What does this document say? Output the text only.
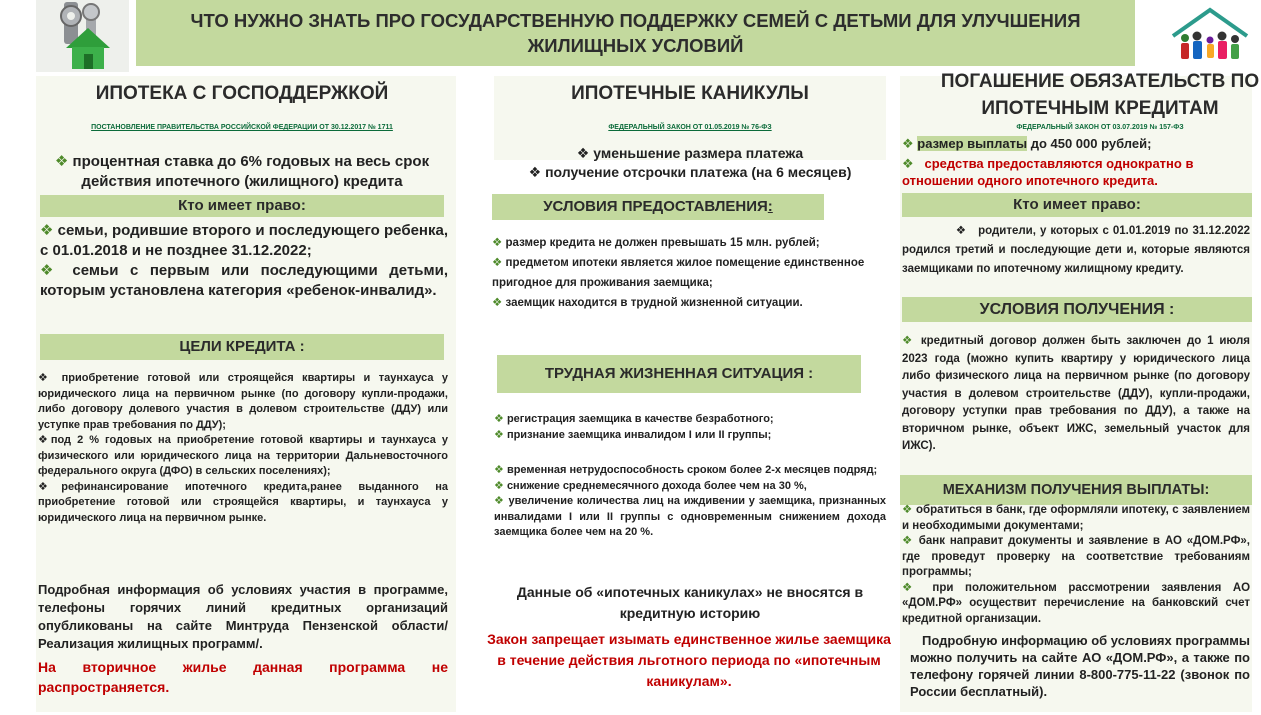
ЧТО НУЖНО ЗНАТЬ ПРО ГОСУДАРСТВЕННУЮ ПОДДЕРЖКУ СЕМЕЙ С ДЕТЬМИ ДЛЯ УЛУЧШЕНИЯ ЖИЛИЩНЫХ УСЛОВИЙ
ИПОТЕКА С ГОСПОДДЕРЖКОЙ
ПОСТАНОВЛЕНИЕ ПРАВИТЕЛЬСТВА РОССИЙСКОЙ ФЕДЕРАЦИИ ОТ 30.12.2017 № 1711
❖ процентная ставка до 6% годовых на весь срок действия ипотечного (жилищного) кредита
Кто имеет право:

❖ семьи, родившие второго и последующего ребенка, с 01.01.2018 и не позднее 31.12.2022;

❖ семьи с первым или последующими детьми, которым установлена категория «ребенок-инвалид».

ЦЕЛИ КРЕДИТА :

❖ приобретение готовой или строящейся квартиры и таунхауса у юридического лица на первичном рынке (по договору купли-продажи, либо договору долевого участия в долевом строительстве (ДДУ) или уступке прав требования по ДДУ);

❖под 2 % годовых на приобретение готовой квартиры и таунхауса у физического или юридического лица на территории Дальневосточного федерального округа (ДФО) в сельских поселениях);

❖рефинансирование ипотечного кредита,ранее выданного на приобретение готовой или строящейся квартиры, и таунхауса у юридического лица на первичном рынке.

Подробная информация об условиях участия в программе, телефоны горячих линий кредитных организаций опубликованы на сайте Минтруда Пензенской области/Реализация жилищных программ/.
На вторичное жилье данная программа не распространяется.
ИПОТЕЧНЫЕ КАНИКУЛЫ
ФЕДЕРАЛЬНЫЙ ЗАКОН ОТ 01.05.2019 № 76-ФЗ

❖ уменьшение размера платежа

❖ получение отсрочки платежа (на 6 месяцев)

УСЛОВИЯ ПРЕДОСТАВЛЕНИЯ:

❖ размер кредита не должен превышать 15 млн. рублей;

❖ предметом ипотеки является жилое помещение единственное пригодное для проживания заемщика;

❖ заемщик находится в трудной жизненной ситуации.

ТРУДНАЯ ЖИЗНЕННАЯ СИТУАЦИЯ :

❖ регистрация заемщика в качестве безработного;

❖ признание заемщика инвалидом I или II группы;

❖ временная нетрудоспособность сроком более 2-х месяцев подряд;

❖ снижение среднемесячного дохода более чем на 30 %,

❖ увеличение количества лиц на иждивении у заемщика, признанных инвалидами I или II группы с одновременным снижением дохода заемщика более чем на 20 %.

Данные об «ипотечных каникулах» не вносятся в кредитную историю
Закон запрещает изымать единственное жилье заемщика в течение действия льготного периода по «ипотечным каникулам».
ПОГАШЕНИЕ ОБЯЗАТЕЛЬСТВ ПО ИПОТЕЧНЫМ КРЕДИТАМ
ФЕДЕРАЛЬНЫЙ ЗАКОН ОТ 03.07.2019 № 157-ФЗ
❖ размер выплаты до 450 000 рублей;
❖ средства предоставляются однократно в отношении одного ипотечного кредита.
Кто имеет право:
❖ родители, у которых с 01.01.2019 по 31.12.2022 родился третий и последующие дети и, которые являются заемщиками по ипотечному жилищному кредиту.
УСЛОВИЯ ПОЛУЧЕНИЯ :
❖ кредитный договор должен быть заключен до 1 июля 2023 года (можно купить квартиру у юридического лица либо физического лица на первичном рынке (по договору участия в долевом строительстве (ДДУ), купли-продажи, договору уступки прав требования по ДДУ), а также на вторичном рынке, объект ИЖС, земельный участок для ИЖС).
МЕХАНИЗМ ПОЛУЧЕНИЯ ВЫПЛАТЫ:

❖ обратиться в банк, где оформляли ипотеку, с заявлением и необходимыми документами;

❖ банк направит документы и заявление в АО «ДОМ.РФ», где проведут проверку на соответствие требованиям программы;

❖ при положительном рассмотрении заявления АО «ДОМ.РФ» осуществит перечисление на банковский счет кредитной организации.

Подробную информацию об условиях программы можно получить на сайте АО «ДОМ.РФ», а также по телефону горячей линии 8-800-775-11-22 (звонок по России бесплатный).
